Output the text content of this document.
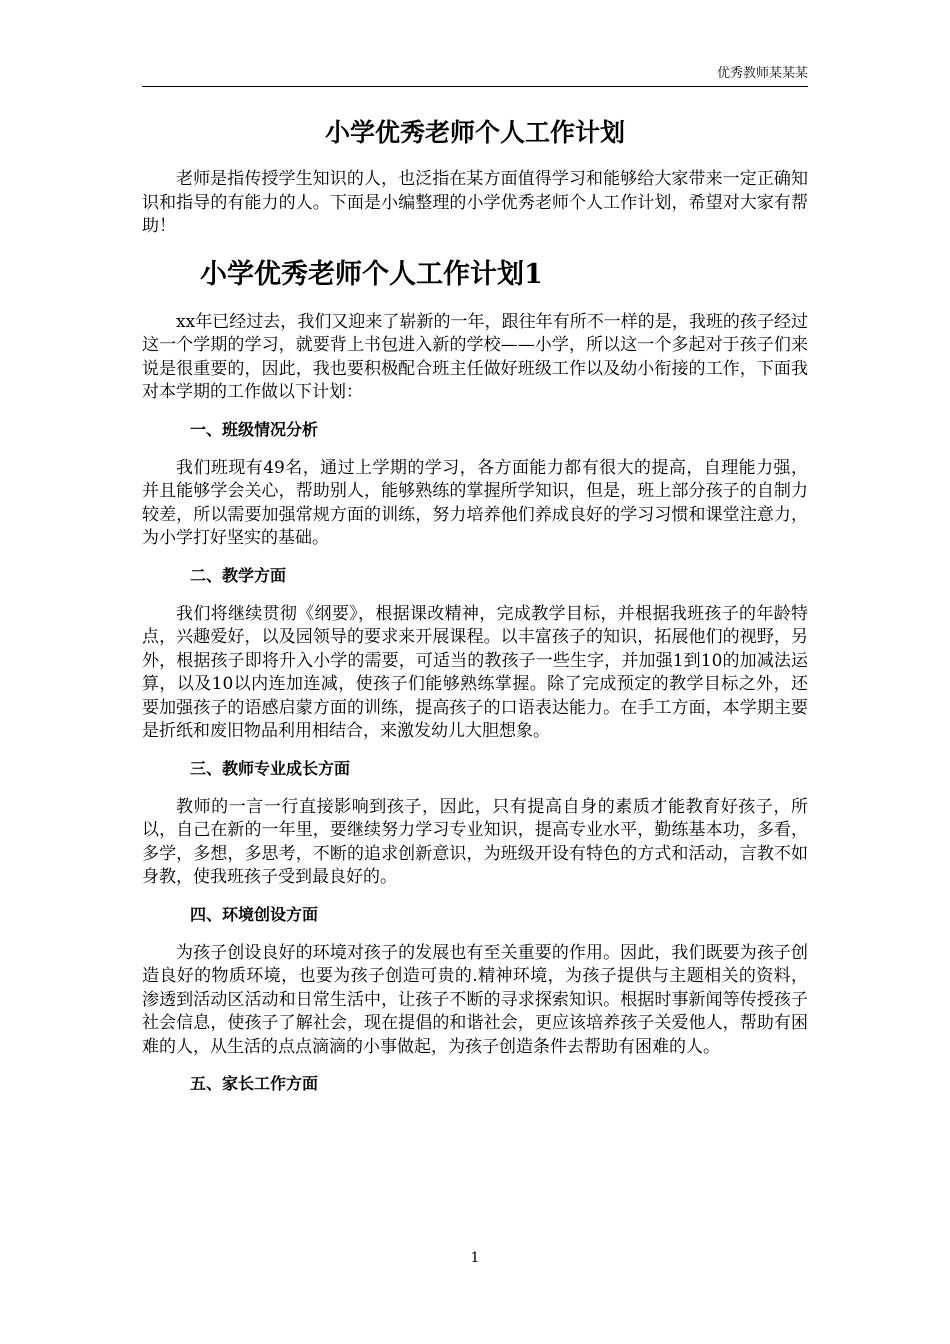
优秀教师某某某
小学优秀老师个人工作计划

老师是指传授学生知识的人，也泛指在某方面值得学习和能够给大家带来一定正确知识和指导的有能力的人。下面是小编整理的小学优秀老师个人工作计划，希望对大家有帮助！

小学优秀老师个人工作计划1

xx年已经过去，我们又迎来了崭新的一年，跟往年有所不一样的是，我班的孩子经过这一个学期的学习，就要背上书包进入新的学校——小学，所以这一个多起对于孩子们来说是很重要的，因此，我也要积极配合班主任做好班级工作以及幼小衔接的工作，下面我对本学期的工作做以下计划：

一、班级情况分析

我们班现有49名，通过上学期的学习，各方面能力都有很大的提高，自理能力强，并且能够学会关心，帮助别人，能够熟练的掌握所学知识，但是，班上部分孩子的自制力较差，所以需要加强常规方面的训练，努力培养他们养成良好的学习习惯和课堂注意力，为小学打好坚实的基础。

二、教学方面

我们将继续贯彻《纲要》，根据课改精神，完成教学目标，并根据我班孩子的年龄特点，兴趣爱好，以及园领导的要求来开展课程。以丰富孩子的知识，拓展他们的视野，另外，根据孩子即将升入小学的需要，可适当的教孩子一些生字，并加强1到10的加减法运算，以及10以内连加连减，使孩子们能够熟练掌握。除了完成预定的教学目标之外，还要加强孩子的语感启蒙方面的训练，提高孩子的口语表达能力。在手工方面，本学期主要是折纸和废旧物品利用相结合，来激发幼儿大胆想象。

三、教师专业成长方面

教师的一言一行直接影响到孩子，因此，只有提高自身的素质才能教育好孩子，所以，自己在新的一年里，要继续努力学习专业知识，提高专业水平，勤练基本功，多看，多学，多想，多思考，不断的追求创新意识，为班级开设有特色的方式和活动，言教不如身教，使我班孩子受到最良好的。

四、环境创设方面

为孩子创设良好的环境对孩子的发展也有至关重要的作用。因此，我们既要为孩子创造良好的物质环境，也要为孩子创造可贵的.精神环境，为孩子提供与主题相关的资料，渗透到活动区活动和日常生活中，让孩子不断的寻求探索知识。根据时事新闻等传授孩子社会信息，使孩子了解社会，现在提倡的和谐社会，更应该培养孩子关爱他人，帮助有困难的人，从生活的点点滴滴的小事做起，为孩子创造条件去帮助有困难的人。

五、家长工作方面
1
